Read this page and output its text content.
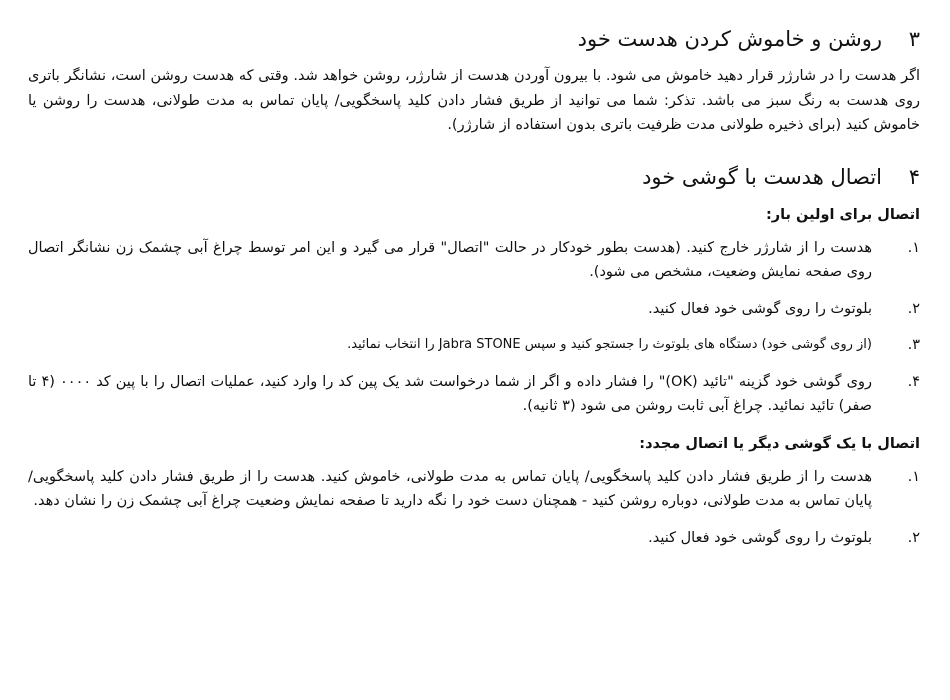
۳
روشن و خاموش کردن هدست خود

اگر هدست را در شارژر قرار دهید خاموش می شود. با بیرون آوردن هدست از شارژر، روشن خواهد شد. وقتی که هدست روشن است، نشانگر باتری روی هدست به رنگ سبز می باشد. تذکر: شما می توانید از طریق فشار دادن کلید پاسخگویی/ پایان تماس به مدت طولانی، هدست را روشن یا خاموش کنید (برای ذخیره طولانی مدت ظرفیت باتری بدون استفاده از شارژر).

۴
اتصال هدست با گوشی خود
اتصال برای اولین بار:
۱.
هدست را از شارژر خارج کنید. (هدست بطور خودکار در حالت "اتصال" قرار می گیرد و این امر توسط چراغ آبی چشمک زن نشانگر اتصال روی صفحه نمایش وضعیت، مشخص می شود).
۲.
بلوتوث را روی گوشی خود فعال کنید.
۳.
(از روی گوشی خود) دستگاه های بلوتوث را جستجو کنید و سپس Jabra STONE را انتخاب نمائید.
۴.
روی گوشی خود گزینه "تائید (OK)" را فشار داده و اگر از شما درخواست شد یک پین کد را وارد کنید، عملیات اتصال را با پین کد ۰۰۰۰ (۴ تا صفر) تائید نمائید. چراغ آبی ثابت روشن می شود (۳ ثانیه).
اتصال با یک گوشی دیگر یا اتصال مجدد:
۱.
هدست را از طریق فشار دادن کلید پاسخگویی/ پایان تماس به مدت طولانی، خاموش کنید. هدست را از طریق فشار دادن کلید پاسخگویی/ پایان تماس به مدت طولانی، دوباره روشن کنید - همچنان دست خود را نگه دارید تا صفحه نمایش وضعیت چراغ آبی چشمک زن را نشان دهد.
۲.
بلوتوث را روی گوشی خود فعال کنید.
